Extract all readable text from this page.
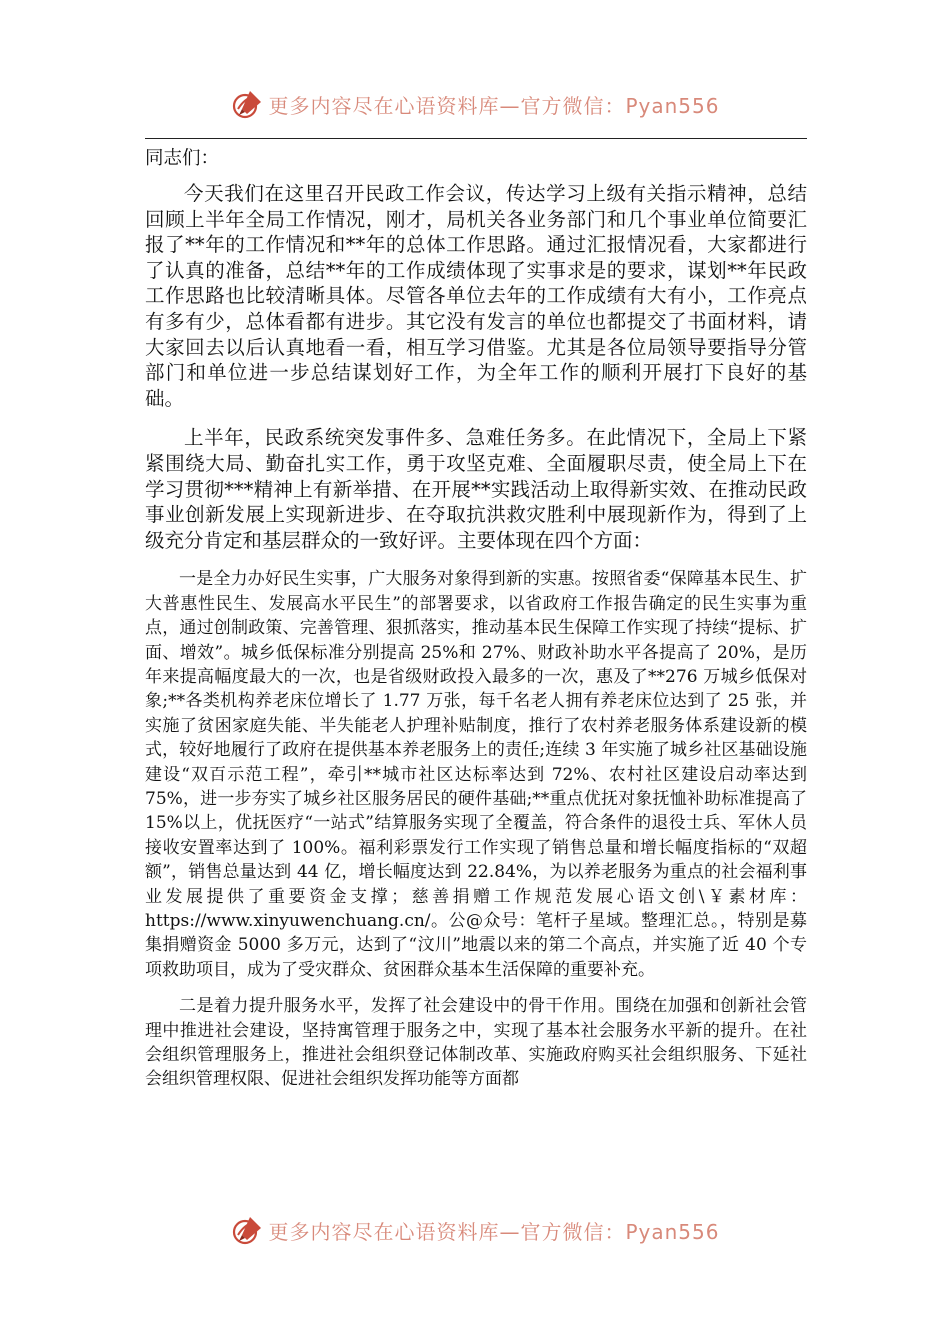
更多内容尽在心语资料库—官方微信：Pyan556

同志们：

今天我们在这里召开民政工作会议，传达学习上级有关指示精神，总结回顾上半年全局工作情况，刚才，局机关各业务部门和几个事业单位简要汇报了**年的工作情况和**年的总体工作思路。通过汇报情况看，大家都进行了认真的准备，总结**年的工作成绩体现了实事求是的要求，谋划**年民政工作思路也比较清晰具体。尽管各单位去年的工作成绩有大有小，工作亮点有多有少，总体看都有进步。其它没有发言的单位也都提交了书面材料，请大家回去以后认真地看一看，相互学习借鉴。尤其是各位局领导要指导分管部门和单位进一步总结谋划好工作，为全年工作的顺利开展打下良好的基础。

上半年，民政系统突发事件多、急难任务多。在此情况下，全局上下紧紧围绕大局、勤奋扎实工作，勇于攻坚克难、全面履职尽责，使全局上下在学习贯彻***精神上有新举措、在开展**实践活动上取得新实效、在推动民政事业创新发展上实现新进步、在夺取抗洪救灾胜利中展现新作为，得到了上级充分肯定和基层群众的一致好评。主要体现在四个方面：

一是全力办好民生实事，广大服务对象得到新的实惠。按照省委“保障基本民生、扩大普惠性民生、发展高水平民生”的部署要求，以省政府工作报告确定的民生实事为重点，通过创制政策、完善管理、狠抓落实，推动基本民生保障工作实现了持续“提标、扩面、增效”。城乡低保标准分别提高 25%和 27%、财政补助水平各提高了 20%，是历年来提高幅度最大的一次，也是省级财政投入最多的一次，惠及了**276 万城乡低保对象;**各类机构养老床位增长了 1.77 万张，每千名老人拥有养老床位达到了 25 张，并实施了贫困家庭失能、半失能老人护理补贴制度，推行了农村养老服务体系建设新的模式，较好地履行了政府在提供基本养老服务上的责任;连续 3 年实施了城乡社区基础设施建设“双百示范工程”，牵引**城市社区达标率达到 72%、农村社区建设启动率达到 75%，进一步夯实了城乡社区服务居民的硬件基础;**重点优抚对象抚恤补助标准提高了 15%以上，优抚医疗“一站式”结算服务实现了全覆盖，符合条件的退役士兵、军休人员接收安置率达到了 100%。福利彩票发行工作实现了销售总量和增长幅度指标的“双超额”，销售总量达到 44 亿，增长幅度达到 22.84%，为以养老服务为重点的社会福利事业发展提供了重要资金支撑；慈善捐赠工作规范发展心语文创\￥素材库：https://www.xinyuwenchuang.cn/。公@众号：笔杆子星域。整理汇总。，特别是募集捐赠资金 5000 多万元，达到了“汶川”地震以来的第二个高点，并实施了近 40 个专项救助项目，成为了受灾群众、贫困群众基本生活保障的重要补充。

二是着力提升服务水平，发挥了社会建设中的骨干作用。围绕在加强和创新社会管理中推进社会建设，坚持寓管理于服务之中，实现了基本社会服务水平新的提升。在社会组织管理服务上，推进社会组织登记体制改革、实施政府购买社会组织服务、下延社会组织管理权限、促进社会组织发挥功能等方面都

更多内容尽在心语资料库—官方微信：Pyan556
